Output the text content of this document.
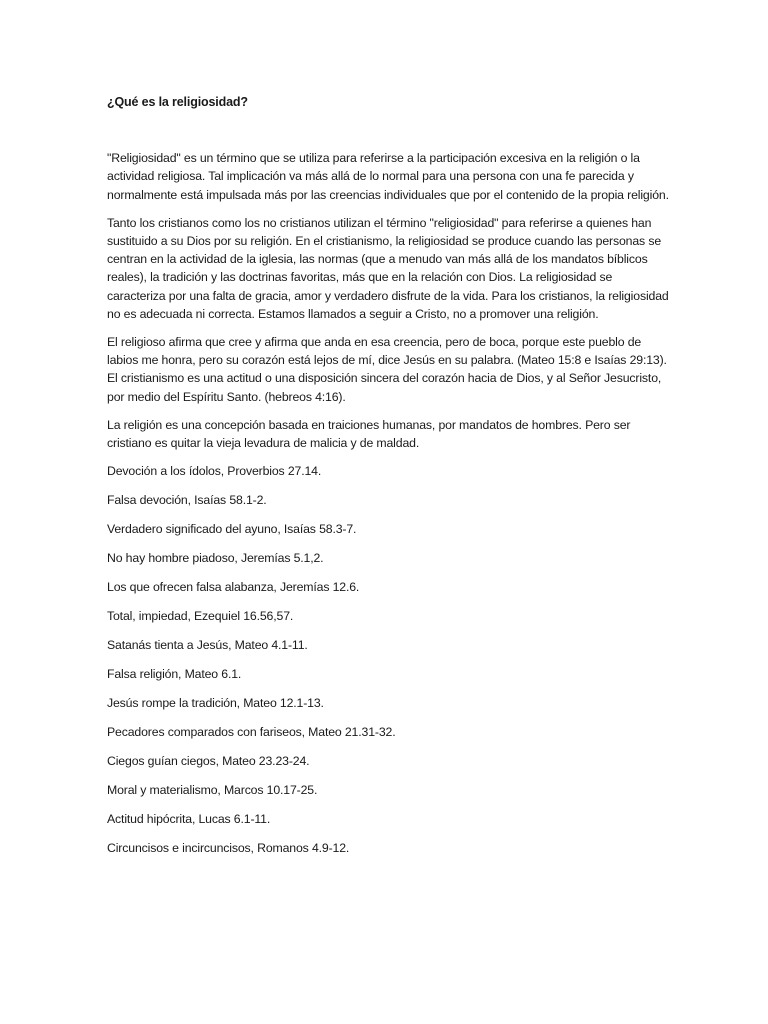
¿Qué es la religiosidad?

"Religiosidad" es un término que se utiliza para referirse a la participación excesiva en la religión o la actividad religiosa. Tal implicación va más allá de lo normal para una persona con una fe parecida y normalmente está impulsada más por las creencias individuales que por el contenido de la propia religión.

Tanto los cristianos como los no cristianos utilizan el término "religiosidad" para referirse a quienes han sustituido a su Dios por su religión. En el cristianismo, la religiosidad se produce cuando las personas se centran en la actividad de la iglesia, las normas (que a menudo van más allá de los mandatos bíblicos reales), la tradición y las doctrinas favoritas, más que en la relación con Dios. La religiosidad se caracteriza por una falta de gracia, amor y verdadero disfrute de la vida. Para los cristianos, la religiosidad no es adecuada ni correcta. Estamos llamados a seguir a Cristo, no a promover una religión.

El religioso afirma que cree y afirma que anda en esa creencia, pero de boca, porque este pueblo de labios me honra, pero su corazón está lejos de mí, dice Jesús en su palabra. (Mateo 15:8 e Isaías 29:13). El cristianismo es una actitud o una disposición sincera del corazón hacia de Dios, y al Señor Jesucristo, por medio del Espíritu Santo. (hebreos 4:16).

La religión es una concepción basada en traiciones humanas, por mandatos de hombres. Pero ser cristiano es quitar la vieja levadura de malicia y de maldad.

Devoción a los ídolos, Proverbios 27.14.
Falsa devoción, Isaías 58.1-2.
Verdadero significado del ayuno, Isaías 58.3-7.
No hay hombre piadoso, Jeremías 5.1,2.
Los que ofrecen falsa alabanza, Jeremías 12.6.
Total, impiedad, Ezequiel 16.56,57.
Satanás tienta a Jesús, Mateo 4.1-11.
Falsa religión, Mateo 6.1.
Jesús rompe la tradición, Mateo 12.1-13.
Pecadores comparados con fariseos, Mateo 21.31-32.
Ciegos guían ciegos, Mateo 23.23-24.
Moral y materialismo, Marcos 10.17-25.
Actitud hipócrita, Lucas 6.1-11.
Circuncisos e incircuncisos, Romanos 4.9-12.
